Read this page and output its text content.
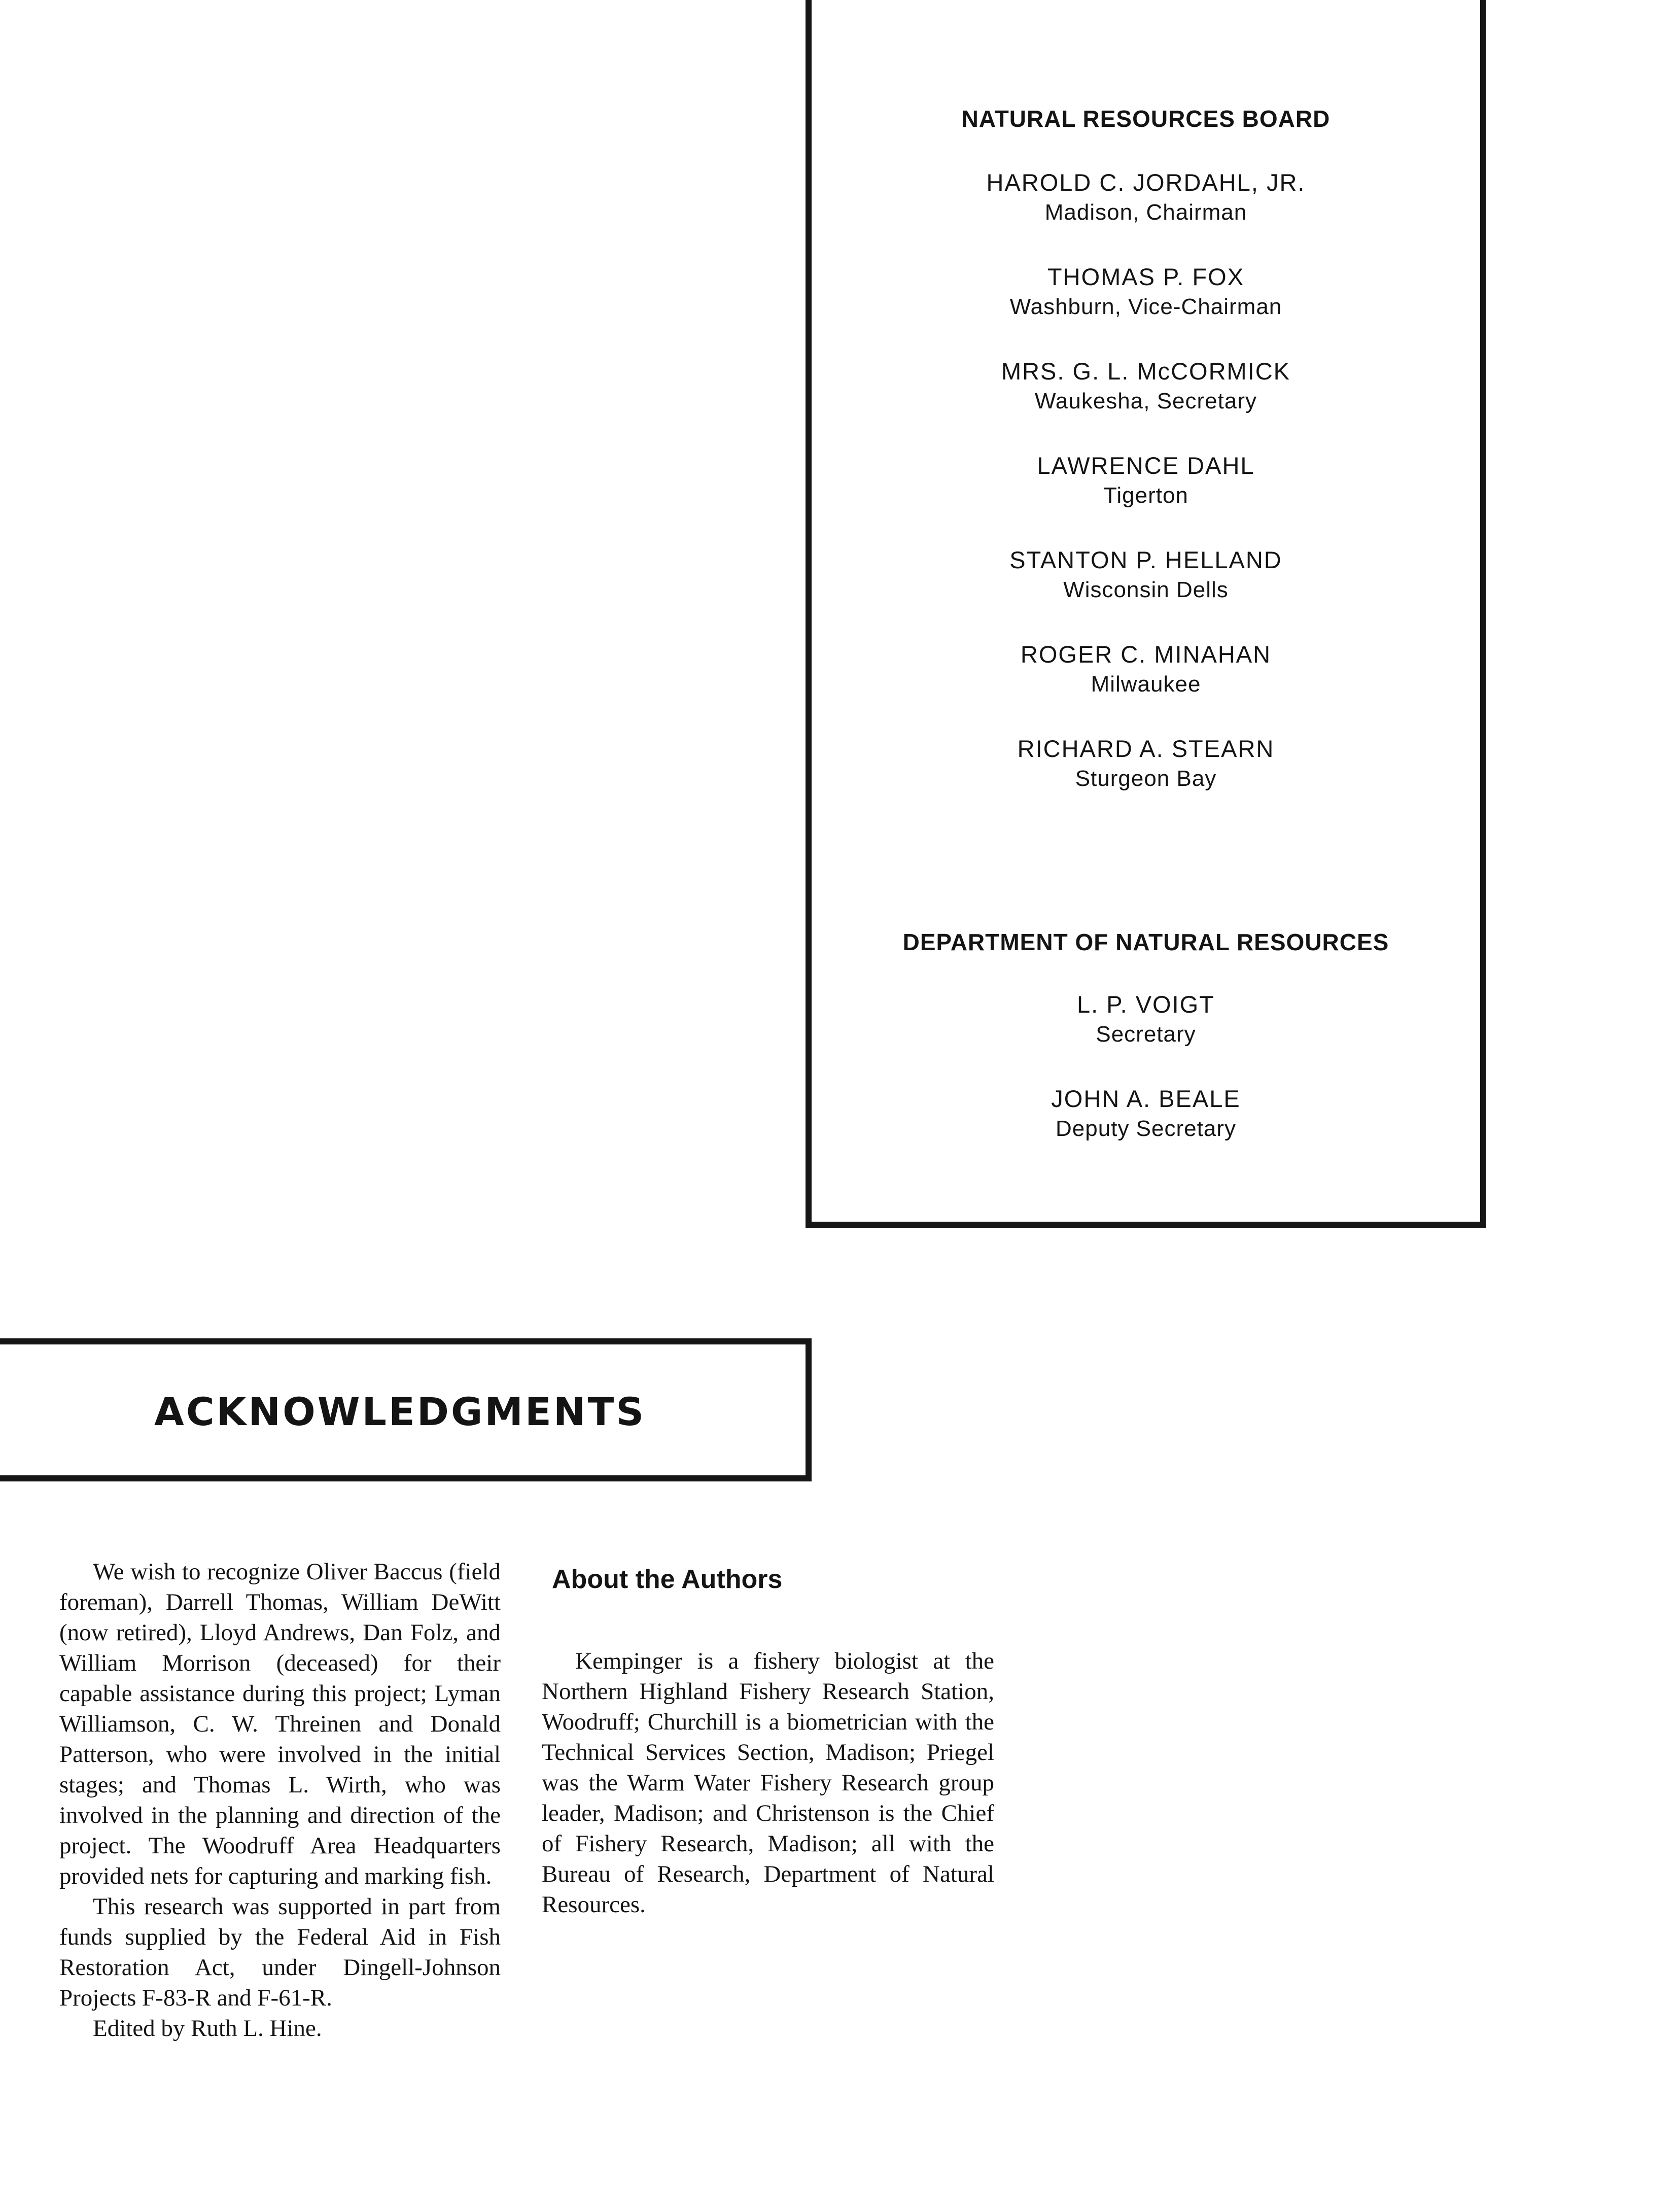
NATURAL RESOURCES BOARD
HAROLD C. JORDAHL, JR.
Madison, Chairman
THOMAS P. FOX
Washburn, Vice-Chairman
MRS. G. L. McCORMICK
Waukesha, Secretary
LAWRENCE DAHL
Tigerton
STANTON P. HELLAND
Wisconsin Dells
ROGER C. MINAHAN
Milwaukee
RICHARD A. STEARN
Sturgeon Bay
DEPARTMENT OF NATURAL RESOURCES
L. P. VOIGT
Secretary
JOHN A. BEALE
Deputy Secretary
ACKNOWLEDGMENTS

We wish to recognize Oliver Baccus (field foreman), Darrell Thomas, William DeWitt (now retired), Lloyd Andrews, Dan Folz, and William Morrison (deceased) for their capable assistance during this project; Lyman Williamson, C. W. Threinen and Donald Patterson, who were involved in the initial stages; and Thomas L. Wirth, who was involved in the planning and direction of the project. The Woodruff Area Headquarters provided nets for capturing and marking fish.

This research was supported in part from funds supplied by the Federal Aid in Fish Restoration Act, under Dingell-Johnson Projects F-83-R and F-61-R.

Edited by Ruth L. Hine.

About the Authors

Kempinger is a fishery biologist at the Northern Highland Fishery Research Station, Woodruff; Churchill is a biometrician with the Technical Services Section, Madison; Priegel was the Warm Water Fishery Research group leader, Madison; and Christenson is the Chief of Fishery Research, Madison; all with the Bureau of Research, Department of Natural Resources.
